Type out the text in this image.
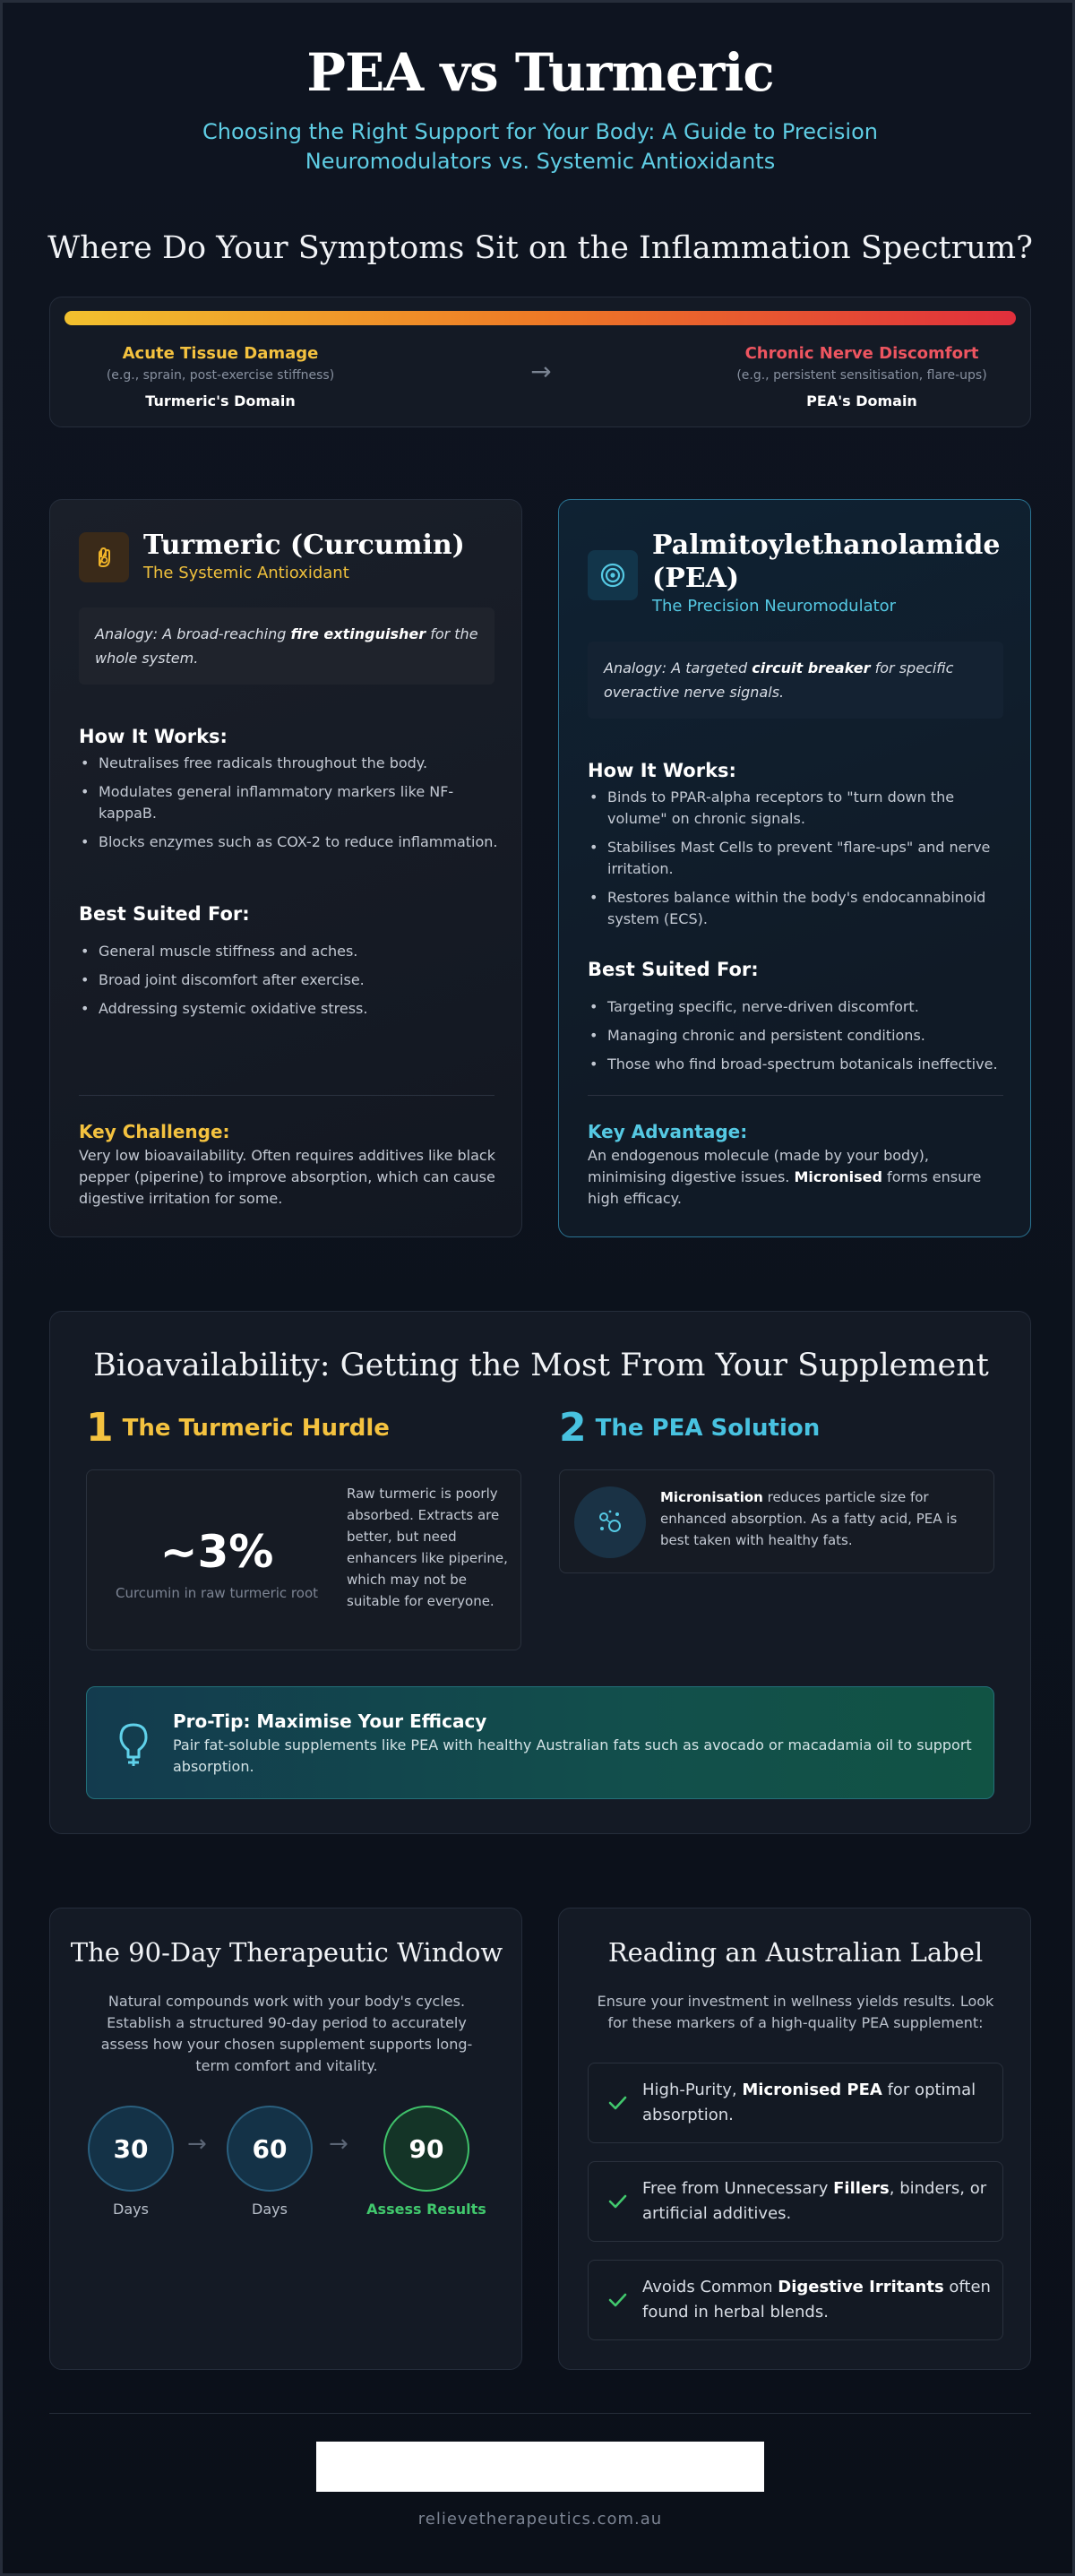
PEA vs Turmeric
Choosing the Right Support for Your Body: A Guide to Precision Neuromodulators vs. Systemic Antioxidants
Where Do Your Symptoms Sit on the Inflammation Spectrum?
Acute Tissue Damage
(e.g., sprain, post-exercise stiffness)
Turmeric's Domain
→
Chronic Nerve Discomfort
(e.g., persistent sensitisation, flare-ups)
PEA's Domain
Turmeric (Curcumin)
The Systemic Antioxidant
Analogy: A broad-reaching fire extinguisher for the whole system.
How It Works:
• Neutralises free radicals throughout the body.
• Modulates general inflammatory markers like NF-kappaB.
• Blocks enzymes such as COX-2 to reduce inflammation.
Best Suited For:
• General muscle stiffness and aches.
• Broad joint discomfort after exercise.
• Addressing systemic oxidative stress.
Key Challenge:
Very low bioavailability. Often requires additives like black pepper (piperine) to improve absorption, which can cause digestive irritation for some.
Palmitoylethanolamide (PEA)
The Precision Neuromodulator
Analogy: A targeted circuit breaker for specific overactive nerve signals.
How It Works:
• Binds to PPAR-alpha receptors to "turn down the volume" on chronic signals.
• Stabilises Mast Cells to prevent "flare-ups" and nerve irritation.
• Restores balance within the body's endocannabinoid system (ECS).
Best Suited For:
• Targeting specific, nerve-driven discomfort.
• Managing chronic and persistent conditions.
• Those who find broad-spectrum botanicals ineffective.
Key Advantage:
An endogenous molecule (made by your body), minimising digestive issues. Micronised forms ensure high efficacy.
Bioavailability: Getting the Most From Your Supplement
1 The Turmeric Hurdle	2 The PEA Solution
~3%
Curcumin in raw turmeric root
Raw turmeric is poorly absorbed. Extracts are better, but need enhancers like piperine, which may not be suitable for everyone.
Micronisation reduces particle size for enhanced absorption. As a fatty acid, PEA is best taken with healthy fats.
Pro-Tip: Maximise Your Efficacy
Pair fat-soluble supplements like PEA with healthy Australian fats such as avocado or macadamia oil to support absorption.
The 90-Day Therapeutic Window
Natural compounds work with your body's cycles. Establish a structured 90-day period to accurately assess how your chosen supplement supports long-term comfort and vitality.
30	→	60	→	90
Days	Days	Assess Results
Reading an Australian Label
Ensure your investment in wellness yields results. Look for these markers of a high-quality PEA supplement:
High-Purity, Micronised PEA for optimal absorption.
Free from Unnecessary Fillers, binders, or artificial additives.
Avoids Common Digestive Irritants often found in herbal blends.
relievetherapeutics.com.au
